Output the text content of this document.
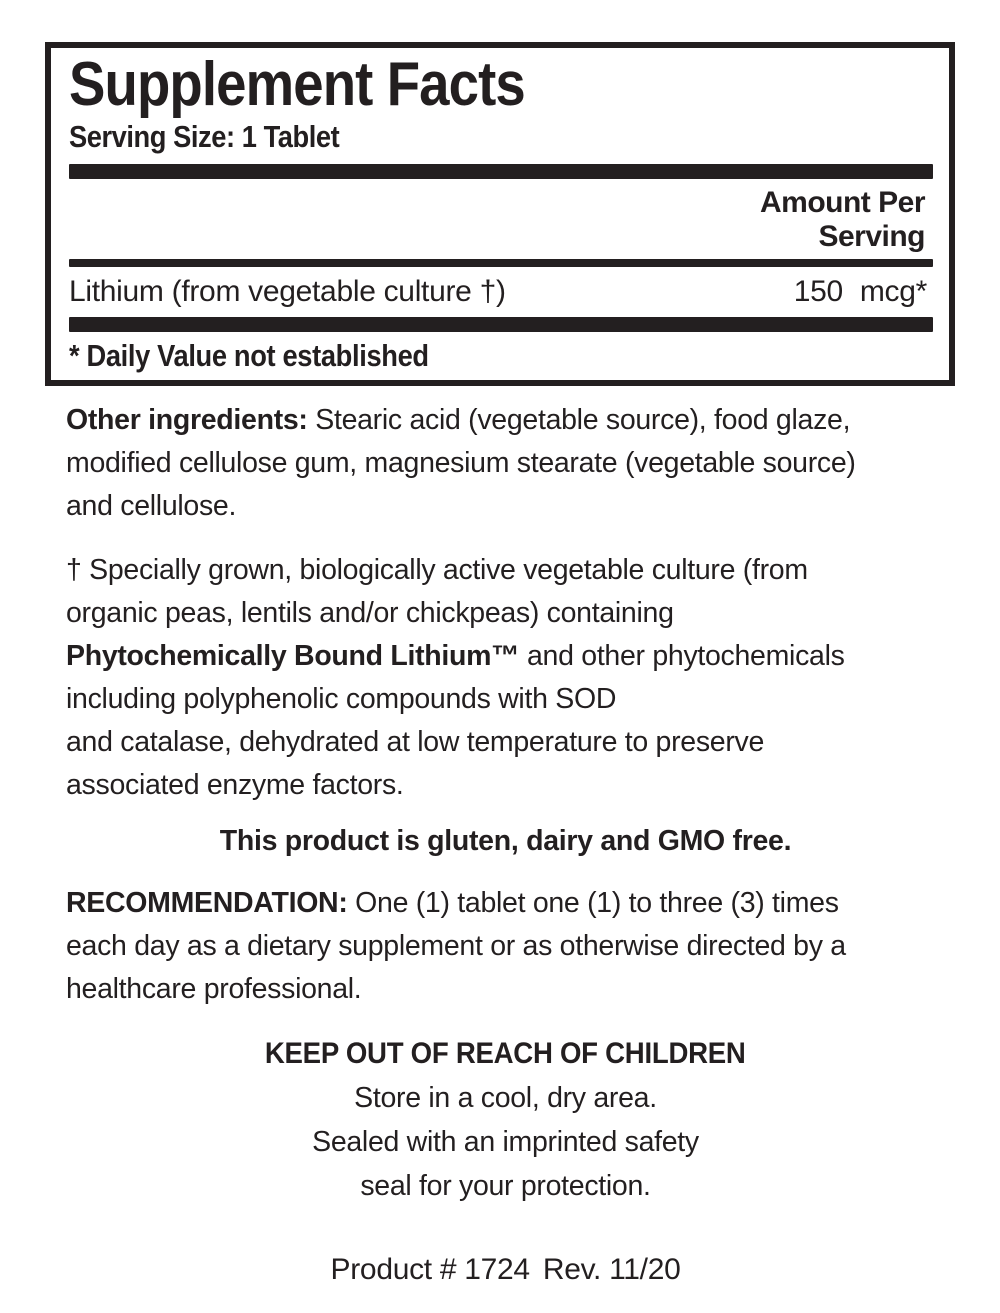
Supplement Facts
Serving Size: 1 Tablet
Amount Per
Serving
Lithium (from vegetable culture †)	150 mcg*
* Daily Value not established
Other ingredients: Stearic acid (vegetable source), food glaze,
modified cellulose gum, magnesium stearate (vegetable source)
and cellulose.
† Specially grown, biologically active vegetable culture (from
organic peas, lentils and/or chickpeas) containing
Phytochemically Bound Lithium™ and other phytochemicals
including polyphenolic compounds with SOD
and catalase, dehydrated at low temperature to preserve
associated enzyme factors.
This product is gluten, dairy and GMO free.
RECOMMENDATION: One (1) tablet one (1) to three (3) times
each day as a dietary supplement or as otherwise directed by a
healthcare professional.
KEEP OUT OF REACH OF CHILDREN
Store in a cool, dry area.
Sealed with an imprinted safety
seal for your protection.
Product # 1724 Rev. 11/20
